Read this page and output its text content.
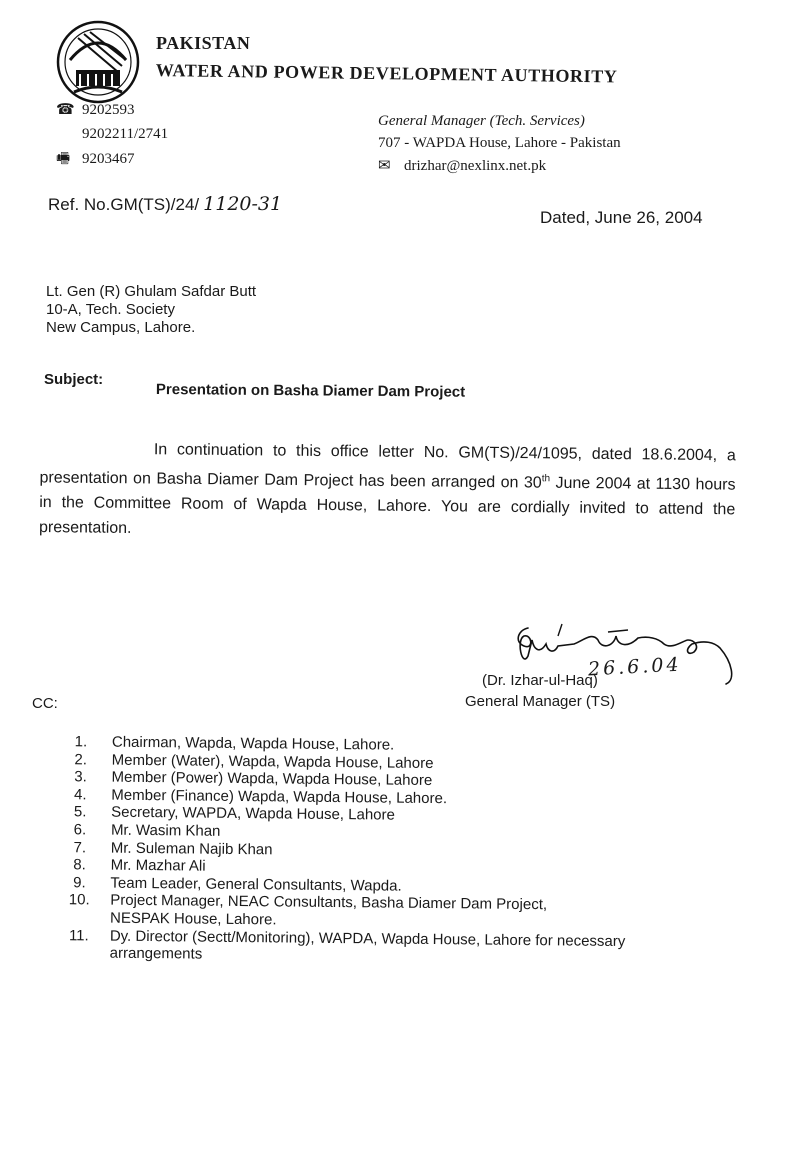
PAKISTAN
WATER AND POWER DEVELOPMENT AUTHORITY
☎ 9202593
9202211/2741
🖷 9203467
General Manager (Tech. Services)
707 - WAPDA House, Lahore - Pakistan
✉ drizhar@nexlinx.net.pk
Ref. No.GM(TS)/24/ 1120-31
Dated, June 26, 2004
Lt. Gen (R) Ghulam Safdar Butt
10-A, Tech. Society
New Campus, Lahore.
Subject:
Presentation on Basha Diamer Dam Project
In continuation to this office letter No. GM(TS)/24/1095, dated 18.6.2004, a presentation on Basha Diamer Dam Project has been arranged on 30th June 2004 at 1130 hours in the Committee Room of Wapda House, Lahore. You are cordially invited to attend the presentation.
26.6.04
(Dr. Izhar-ul-Haq)
General Manager (TS)
CC:
1.	Chairman, Wapda, Wapda House, Lahore.
2.	Member (Water), Wapda, Wapda House, Lahore
3.	Member (Power) Wapda, Wapda House, Lahore
4.	Member (Finance) Wapda, Wapda House, Lahore.
5.	Secretary, WAPDA, Wapda House, Lahore
6.	Mr. Wasim Khan
7.	Mr. Suleman Najib Khan
8.	Mr. Mazhar Ali
9.	Team Leader, General Consultants, Wapda.
10.	Project Manager, NEAC Consultants, Basha Diamer Dam Project,
NESPAK House, Lahore.
11.	Dy. Director (Sectt/Monitoring), WAPDA, Wapda House, Lahore for necessary
arrangements
